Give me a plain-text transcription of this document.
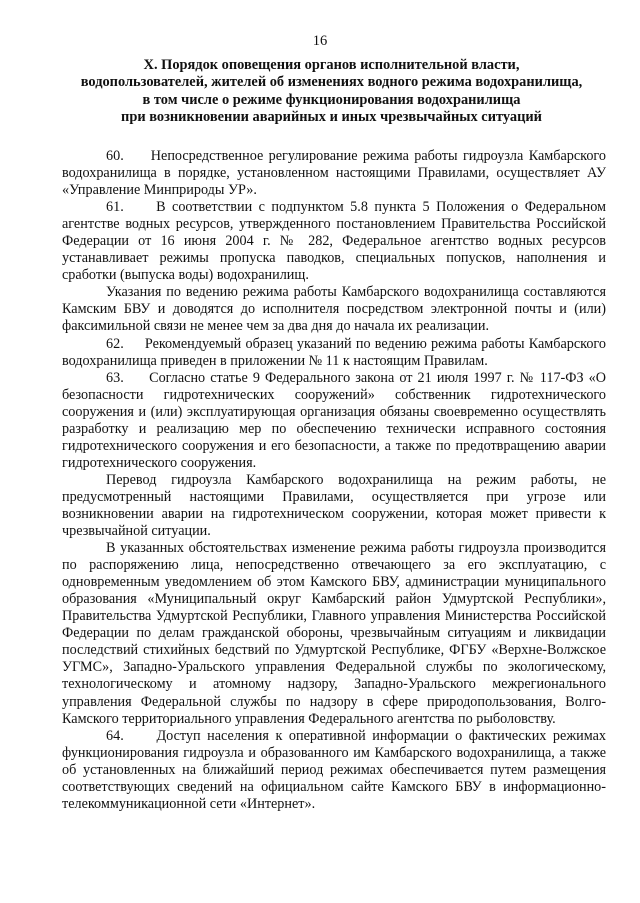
16
X. Порядок оповещения органов исполнительной власти,
водопользователей, жителей об изменениях водного режима водохранилища,
в том числе о режиме функционирования водохранилища
при возникновении аварийных и иных чрезвычайных ситуаций

60.     Непосредственное регулирование режима работы гидроузла Камбарского водохранилища в порядке, установленном настоящими Правилами, осуществляет АУ «Управление Минприроды УР».

61.     В соответствии с подпунктом 5.8 пункта 5 Положения о Федеральном агентстве водных ресурсов, утвержденного постановлением Правительства Российской Федерации от 16 июня 2004 г. № 282, Федеральное агентство водных ресурсов устанавливает режимы пропуска паводков, специальных попусков, наполнения и сработки (выпуска воды) водохранилищ.

Указания по ведению режима работы Камбарского водохранилища составляются Камским БВУ и доводятся до исполнителя посредством электронной почты и (или) факсимильной связи не менее чем за два дня до начала их реализации.

62.     Рекомендуемый образец указаний по ведению режима работы Камбарского водохранилища приведен в приложении № 11 к настоящим Правилам.

63.     Согласно статье 9 Федерального закона от 21 июля 1997 г. № 117-ФЗ «О безопасности гидротехнических сооружений» собственник гидротехнического сооружения и (или) эксплуатирующая организация обязаны своевременно осуществлять разработку и реализацию мер по обеспечению технически исправного состояния гидротехнического сооружения и его безопасности, а также по предотвращению аварии гидротехнического сооружения.

Перевод гидроузла Камбарского водохранилища на режим работы, не предусмотренный настоящими Правилами, осуществляется при угрозе или возникновении аварии на гидротехническом сооружении, которая может привести к чрезвычайной ситуации.

В указанных обстоятельствах изменение режима работы гидроузла производится по распоряжению лица, непосредственно отвечающего за его эксплуатацию, с одновременным уведомлением об этом Камского БВУ, администрации муниципального образования «Муниципальный округ Камбарский район Удмуртской Республики», Правительства Удмуртской Республики, Главного управления Министерства Российской Федерации по делам гражданской обороны, чрезвычайным ситуациям и ликвидации последствий стихийных бедствий по Удмуртской Республике, ФГБУ «Верхне-Волжское УГМС», Западно-Уральского управления Федеральной службы по экологическому, технологическому и атомному надзору, Западно-Уральского межрегионального управления Федеральной службы по надзору в сфере природопользования, Волго-Камского территориального управления Федерального агентства по рыболовству.

64.     Доступ населения к оперативной информации о фактических режимах функционирования гидроузла и образованного им Камбарского водохранилища, а также об установленных на ближайший период режимах обеспечивается путем размещения соответствующих сведений на официальном сайте Камского БВУ в информационно-телекоммуникационной сети «Интернет».
